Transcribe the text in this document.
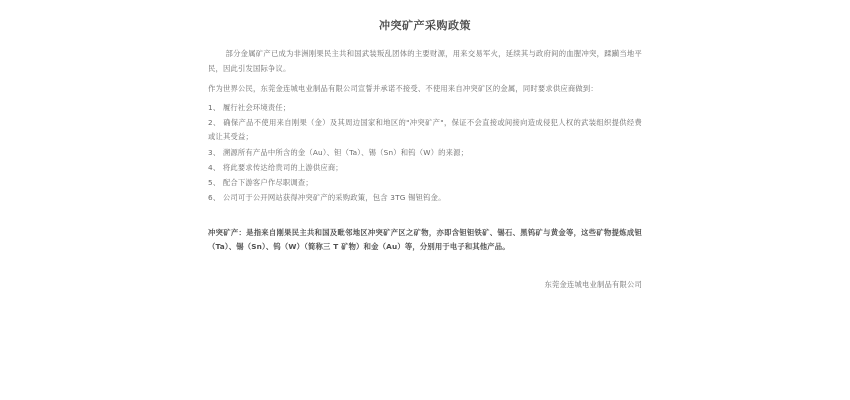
冲突矿产采购政策

部分金属矿产已成为非洲刚果民主共和国武装叛乱团体的主要财源，用来交易军火，延续其与政府间的血腥冲突，蹂躏当地平民，因此引发国际争议。

作为世界公民，东莞金连城电业制品有限公司宣誓并承诺不接受、不使用来自冲突矿区的金属，同时要求供应商做到：

1、 履行社会环境责任；
2、 确保产品不使用来自刚果（金）及其周边国家和地区的"冲突矿产"，保证不会直接或间接向造成侵犯人权的武装组织提供经费或让其受益；
3、 溯源所有产品中所含的金（Au）、钽（Ta）、锡（Sn）和钨（W）的来源；
4、 将此要求传达给贵司的上游供应商；
5、 配合下游客户作尽职调查；
6、 公司可于公开网站获得冲突矿产的采购政策，包含 3TG 锡钽钨金。

冲突矿产：是指来自刚果民主共和国及毗邻地区冲突矿产区之矿物，亦即含钽钽铁矿、锡石、黑钨矿与黄金等，这些矿物提炼成钽（Ta）、锡（Sn）、钨（W）（简称三 T 矿物）和金（Au）等，分别用于电子和其他产品。

东莞金连城电业制品有限公司
